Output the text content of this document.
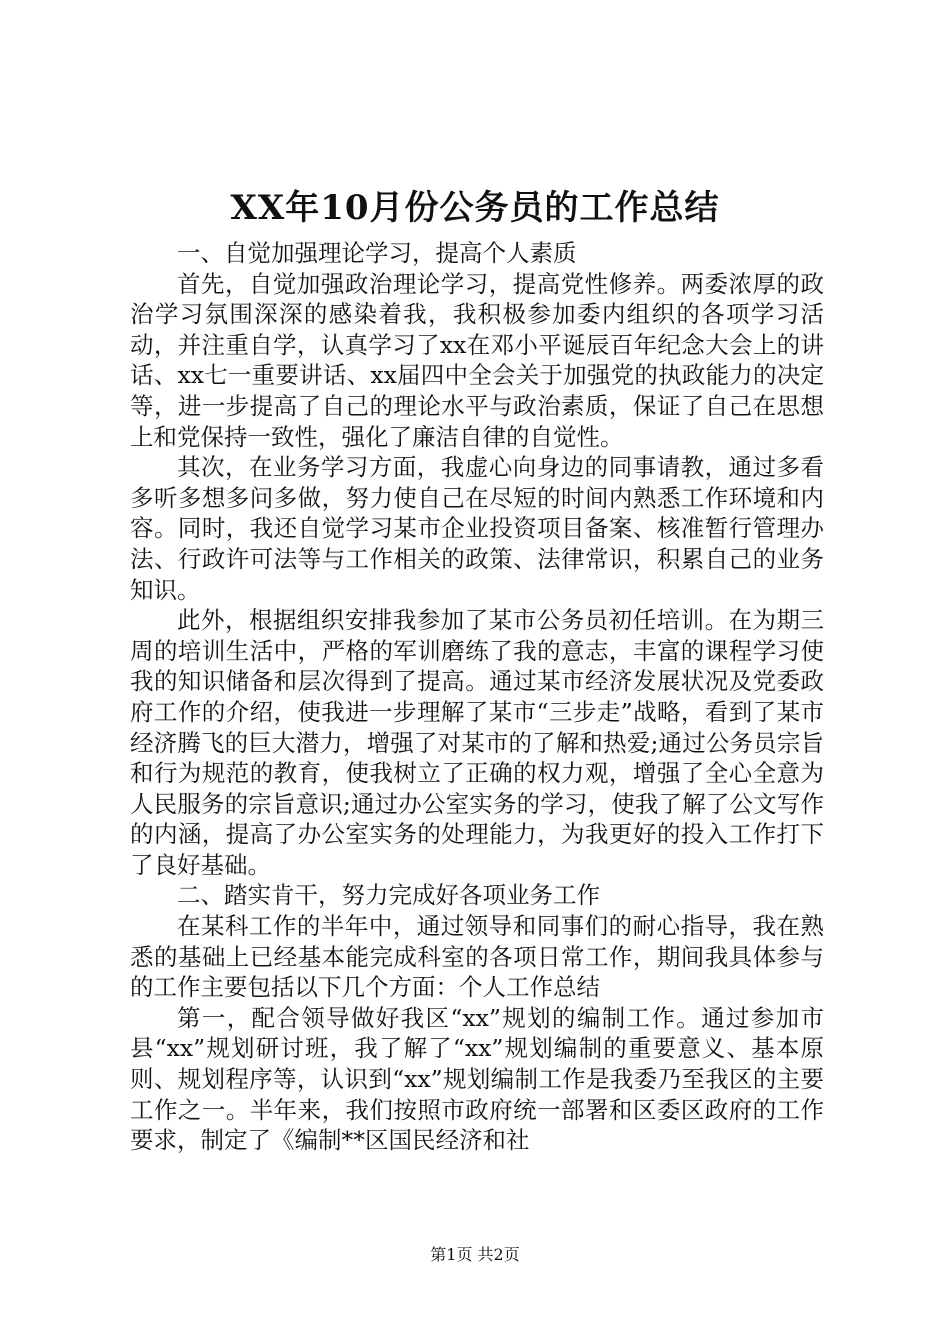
XX年10月份公务员的工作总结

一、自觉加强理论学习，提高个人素质

首先，自觉加强政治理论学习，提高党性修养。两委浓厚的政治学习氛围深深的感染着我，我积极参加委内组织的各项学习活动，并注重自学，认真学习了xx在邓小平诞辰百年纪念大会上的讲话、xx七一重要讲话、xx届四中全会关于加强党的执政能力的决定等，进一步提高了自己的理论水平与政治素质，保证了自己在思想上和党保持一致性，强化了廉洁自律的自觉性。

其次，在业务学习方面，我虚心向身边的同事请教，通过多看多听多想多问多做，努力使自己在尽短的时间内熟悉工作环境和内容。同时，我还自觉学习某市企业投资项目备案、核准暂行管理办法、行政许可法等与工作相关的政策、法律常识，积累自己的业务知识。

此外，根据组织安排我参加了某市公务员初任培训。在为期三周的培训生活中，严格的军训磨练了我的意志，丰富的课程学习使我的知识储备和层次得到了提高。通过某市经济发展状况及党委政府工作的介绍，使我进一步理解了某市“三步走”战略，看到了某市经济腾飞的巨大潜力，增强了对某市的了解和热爱;通过公务员宗旨和行为规范的教育，使我树立了正确的权力观，增强了全心全意为人民服务的宗旨意识;通过办公室实务的学习，使我了解了公文写作的内涵，提高了办公室实务的处理能力，为我更好的投入工作打下了良好基础。

二、踏实肯干，努力完成好各项业务工作

在某科工作的半年中，通过领导和同事们的耐心指导，我在熟悉的基础上已经基本能完成科室的各项日常工作，期间我具体参与的工作主要包括以下几个方面：个人工作总结

第一，配合领导做好我区“xx”规划的编制工作。通过参加市县“xx”规划研讨班，我了解了“xx”规划编制的重要意义、基本原则、规划程序等，认识到“xx”规划编制工作是我委乃至我区的主要工作之一。半年来，我们按照市政府统一部署和区委区政府的工作要求，制定了《编制**区国民经济和社

第1页 共2页
